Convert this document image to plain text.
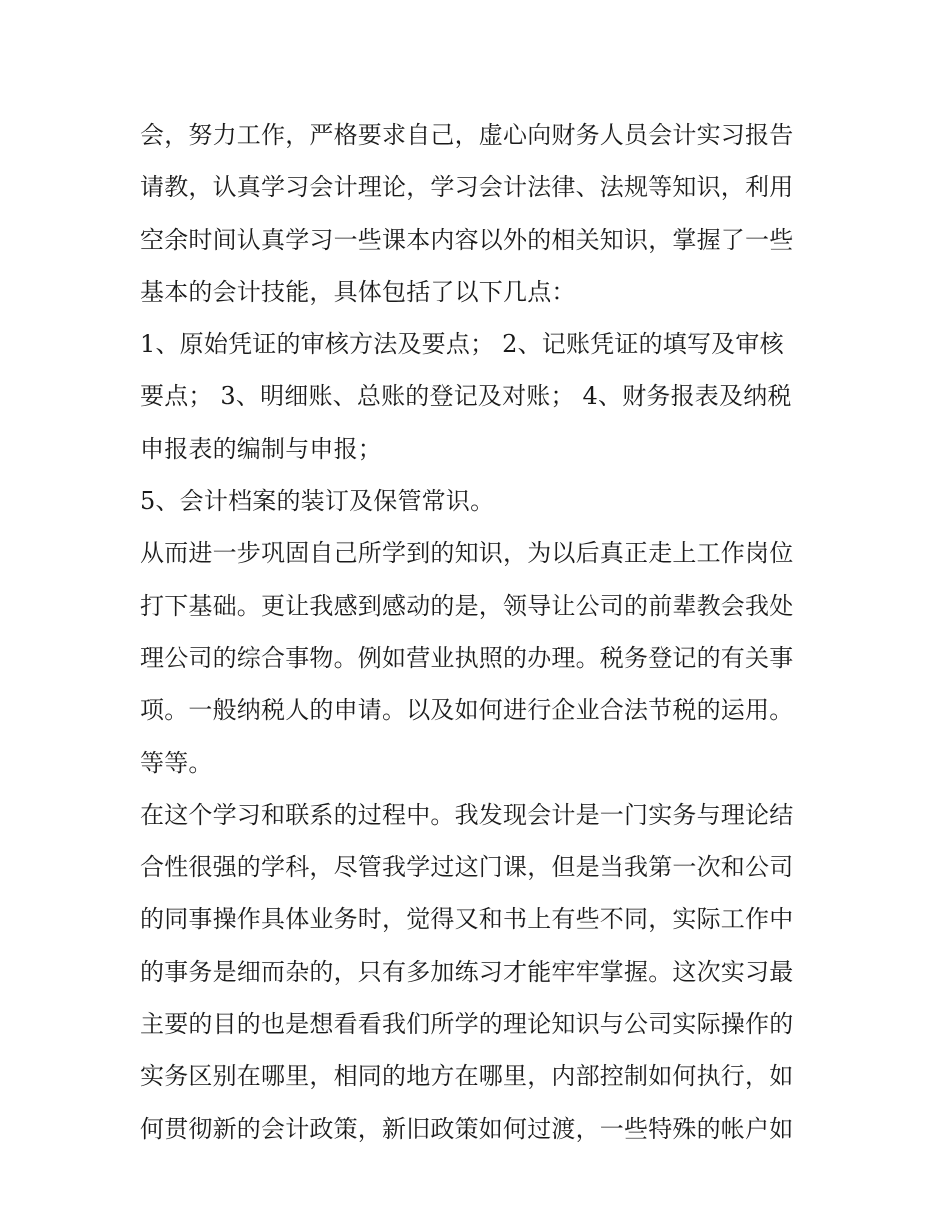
会，努力工作，严格要求自己，虚心向财务人员会计实习报告
请教，认真学习会计理论，学习会计法律、法规等知识，利用
空余时间认真学习一些课本内容以外的相关知识，掌握了一些
基本的会计技能，具体包括了以下几点：
1、原始凭证的审核方法及要点； 2、记账凭证的填写及审核
要点； 3、明细账、总账的登记及对账； 4、财务报表及纳税
申报表的编制与申报；
5、会计档案的装订及保管常识。
从而进一步巩固自己所学到的知识，为以后真正走上工作岗位
打下基础。更让我感到感动的是，领导让公司的前辈教会我处
理公司的综合事物。例如营业执照的办理。税务登记的有关事
项。一般纳税人的申请。以及如何进行企业合法节税的运用。
等等。
在这个学习和联系的过程中。我发现会计是一门实务与理论结
合性很强的学科，尽管我学过这门课，但是当我第一次和公司
的同事操作具体业务时，觉得又和书上有些不同，实际工作中
的事务是细而杂的，只有多加练习才能牢牢掌握。这次实习最
主要的目的也是想看看我们所学的理论知识与公司实际操作的
实务区别在哪里，相同的地方在哪里，内部控制如何执行，如
何贯彻新的会计政策，新旧政策如何过渡，一些特殊的帐户如
